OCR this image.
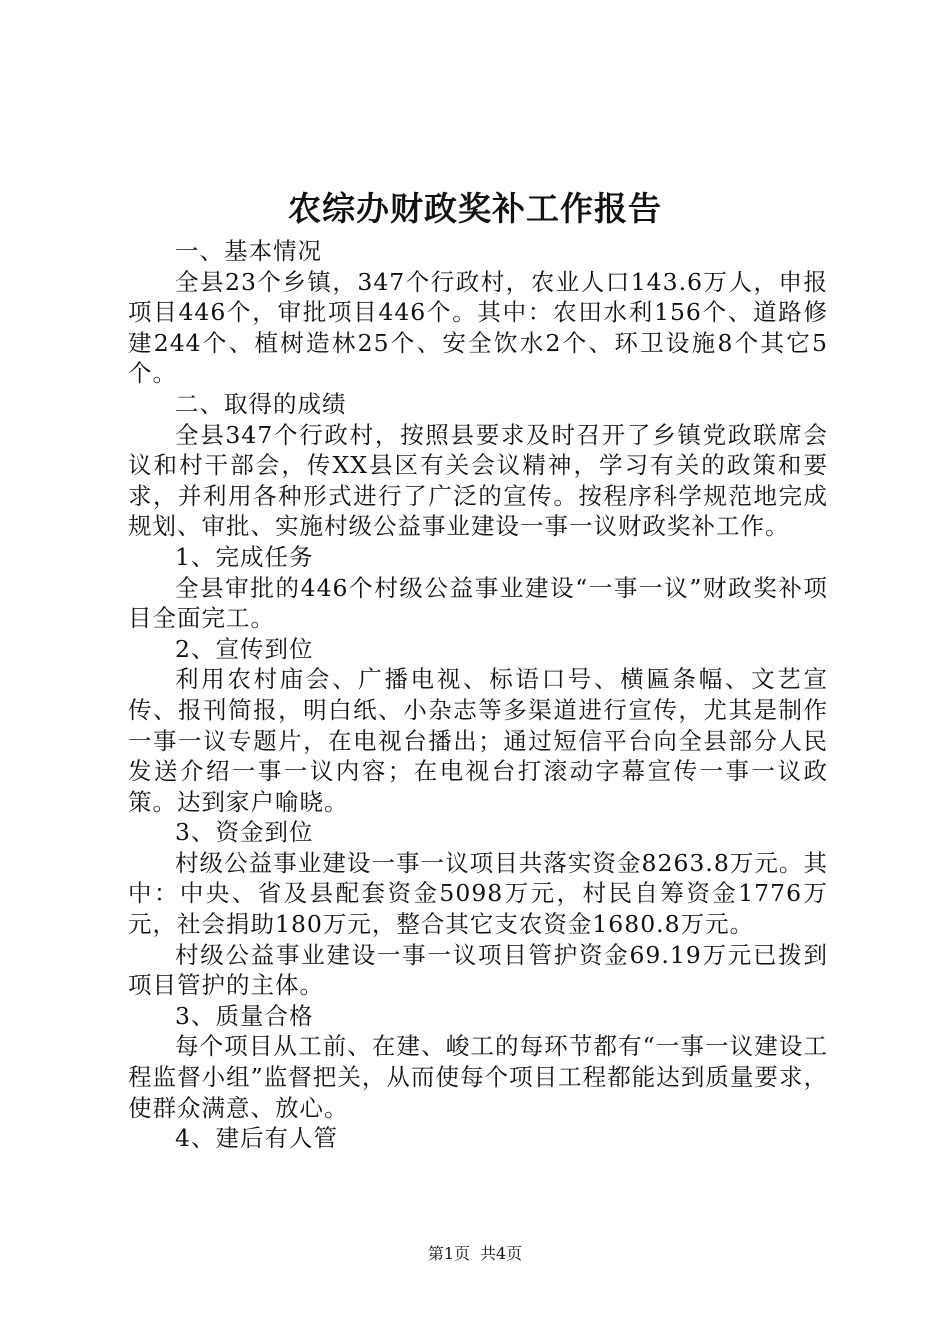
农综办财政奖补工作报告

一、基本情况

全县23个乡镇，347个行政村，农业人口143.6万人，申报项目446个，审批项目446个。其中：农田水利156个、道路修建244个、植树造林25个、安全饮水2个、环卫设施8个其它5个。

二、取得的成绩

全县347个行政村，按照县要求及时召开了乡镇党政联席会议和村干部会，传XX县区有关会议精神，学习有关的政策和要求，并利用各种形式进行了广泛的宣传。按程序科学规范地完成规划、审批、实施村级公益事业建设一事一议财政奖补工作。

1、完成任务

全县审批的446个村级公益事业建设“一事一议”财政奖补项目全面完工。

2、宣传到位

利用农村庙会、广播电视、标语口号、横匾条幅、文艺宣传、报刊简报，明白纸、小杂志等多渠道进行宣传，尤其是制作一事一议专题片，在电视台播出；通过短信平台向全县部分人民发送介绍一事一议内容；在电视台打滚动字幕宣传一事一议政策。达到家户喻晓。

3、资金到位

村级公益事业建设一事一议项目共落实资金8263.8万元。其中：中央、省及县配套资金5098万元，村民自筹资金1776万元，社会捐助180万元，整合其它支农资金1680.8万元。

村级公益事业建设一事一议项目管护资金69.19万元已拨到项目管护的主体。

3、质量合格

每个项目从工前、在建、峻工的每环节都有“一事一议建设工程监督小组”监督把关，从而使每个项目工程都能达到质量要求，使群众满意、放心。

4、建后有人管

第1页 共4页
